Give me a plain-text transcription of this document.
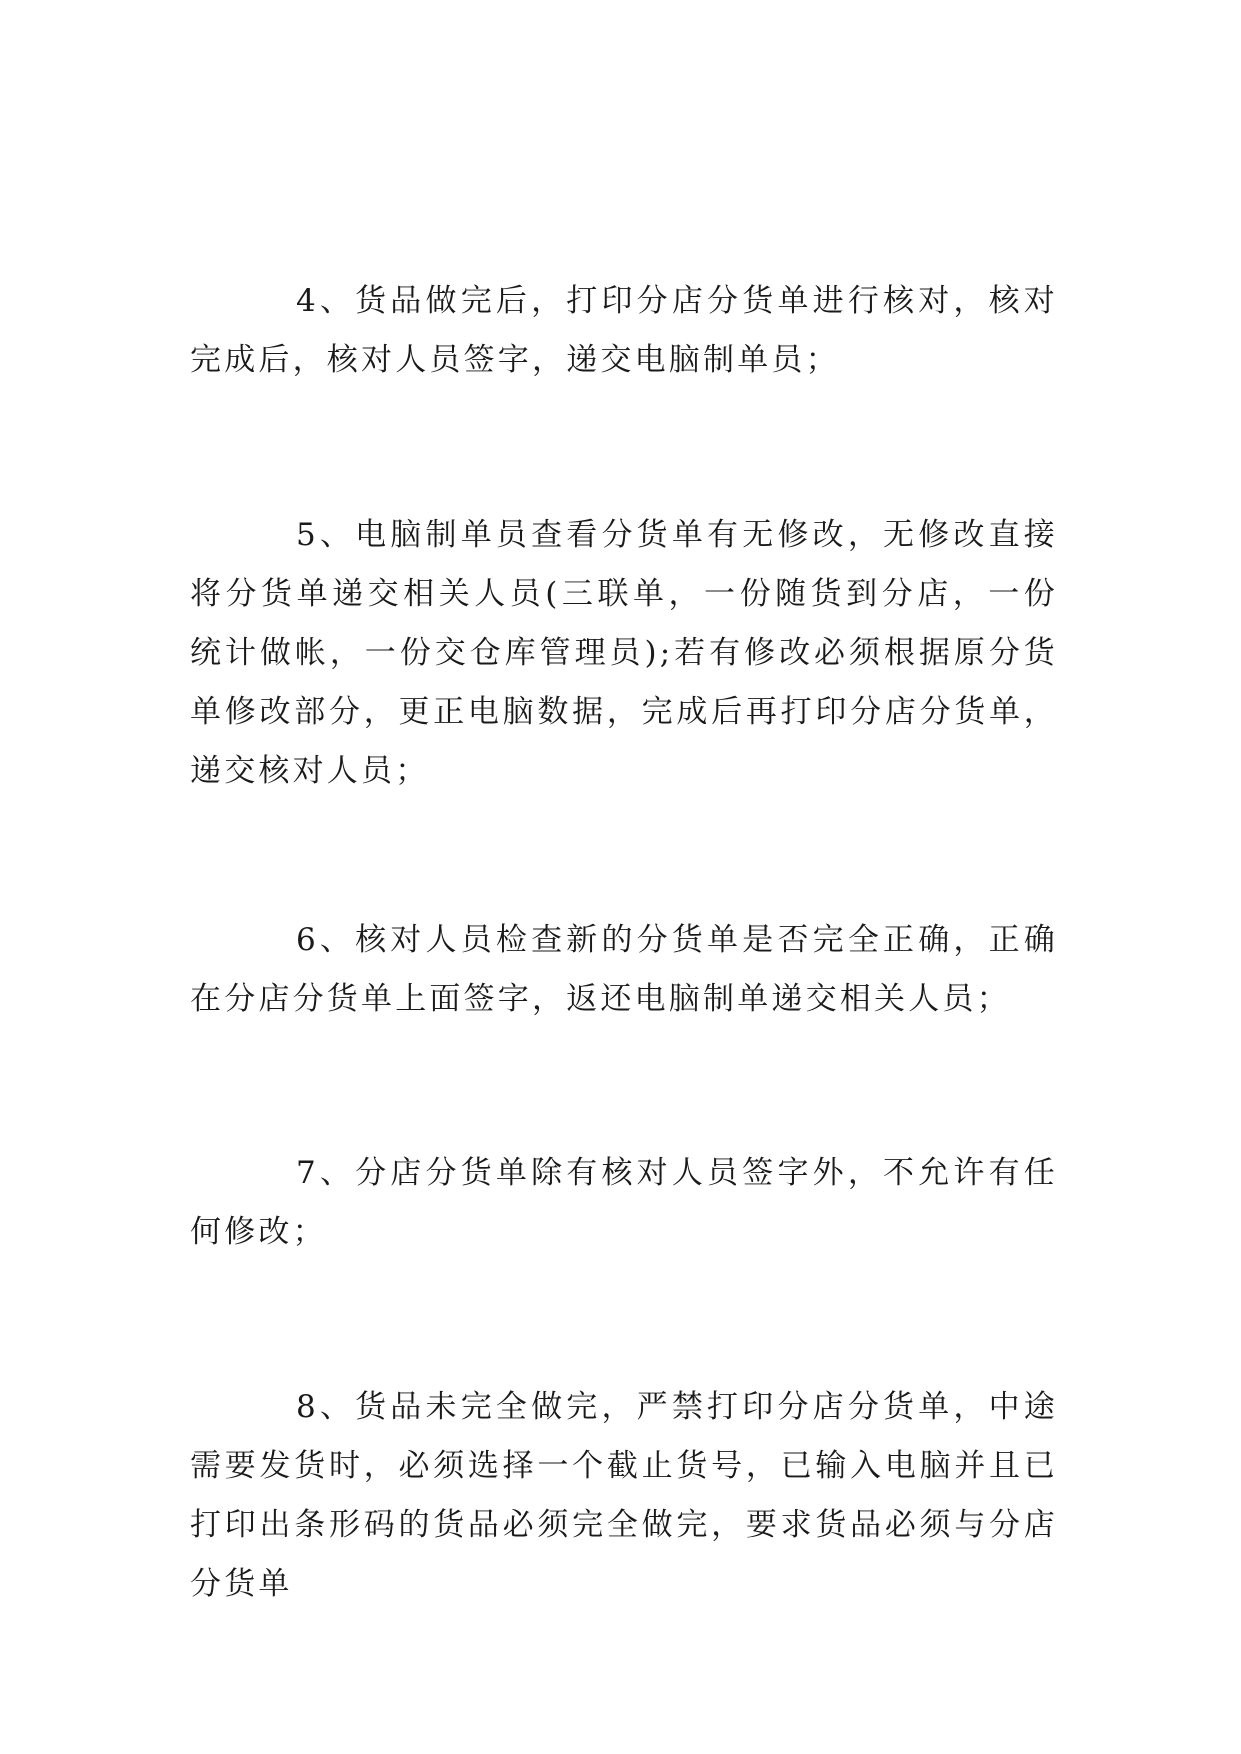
4、货品做完后，打印分店分货单进行核对，核对完成后，核对人员签字，递交电脑制单员；

5、电脑制单员查看分货单有无修改，无修改直接将分货单递交相关人员(三联单，一份随货到分店，一份统计做帐，一份交仓库管理员);若有修改必须根据原分货单修改部分，更正电脑数据，完成后再打印分店分货单，递交核对人员；

6、核对人员检查新的分货单是否完全正确，正确在分店分货单上面签字，返还电脑制单递交相关人员；

7、分店分货单除有核对人员签字外，不允许有任何修改；

8、货品未完全做完，严禁打印分店分货单，中途需要发货时，必须选择一个截止货号，已输入电脑并且已打印出条形码的货品必须完全做完，要求货品必须与分店分货单
